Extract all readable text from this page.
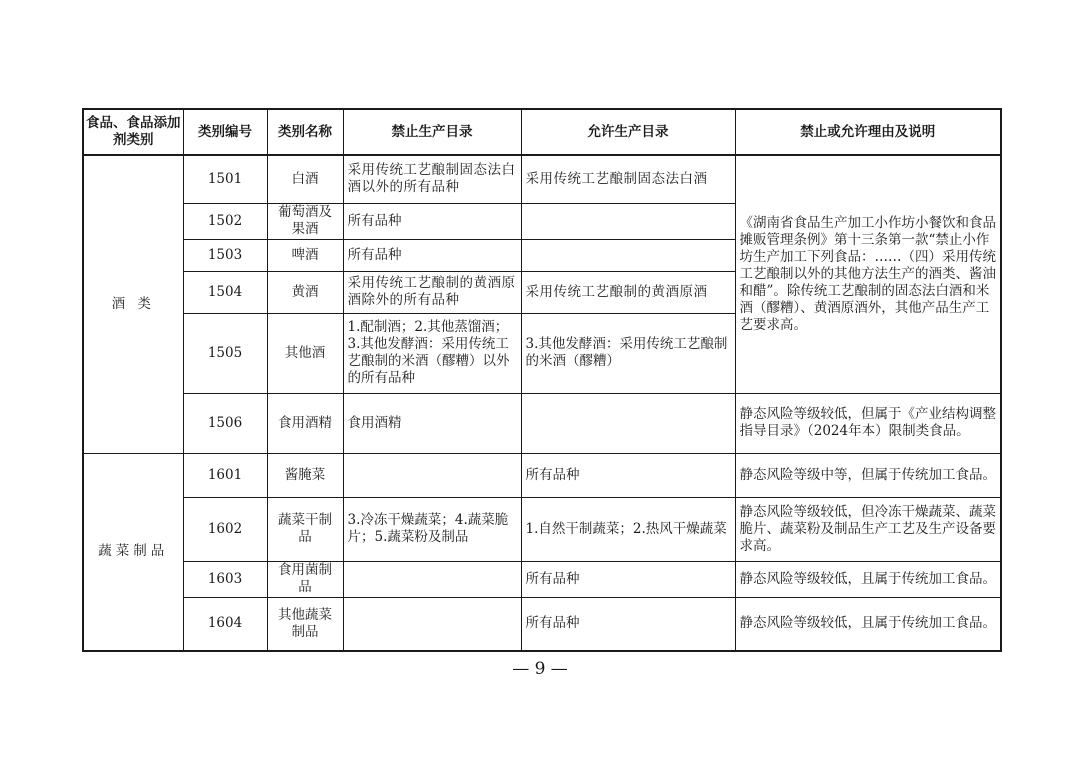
食品、食品添加剂类别	类别编号	类别名称	禁止生产目录	允许生产目录	禁止或允许理由及说明
酒 类	1501	白酒	采用传统工艺酿制固态法白酒以外的所有品种	采用传统工艺酿制固态法白酒	《湖南省食品生产加工小作坊小餐饮和食品摊贩管理条例》第十三条第一款“禁止小作坊生产加工下列食品：……（四）采用传统工艺酿制以外的其他方法生产的酒类、酱油和醋”。除传统工艺酿制的固态法白酒和米酒（醪糟）、黄酒原酒外，其他产品生产工艺要求高。
	1502	葡萄酒及果酒	所有品种		
	1503	啤酒	所有品种		
	1504	黄酒	采用传统工艺酿制的黄酒原酒除外的所有品种	采用传统工艺酿制的黄酒原酒	
	1505	其他酒	1.配制酒；2.其他蒸馏酒；3.其他发酵酒：采用传统工艺酿制的米酒（醪糟）以外的所有品种	3.其他发酵酒：采用传统工艺酿制的米酒（醪糟）	
	1506	食用酒精	食用酒精		静态风险等级较低，但属于《产业结构调整指导目录》（2024年本）限制类食品。
蔬菜制品	1601	酱腌菜		所有品种	静态风险等级中等，但属于传统加工食品。
	1602	蔬菜干制品	3.冷冻干燥蔬菜；4.蔬菜脆片；5.蔬菜粉及制品	1.自然干制蔬菜；2.热风干燥蔬菜	静态风险等级较低，但冷冻干燥蔬菜、蔬菜脆片、蔬菜粉及制品生产工艺及生产设备要求高。
	1603	食用菌制品		所有品种	静态风险等级较低，且属于传统加工食品。
	1604	其他蔬菜制品		所有品种	静态风险等级较低，且属于传统加工食品。
— 9 —
